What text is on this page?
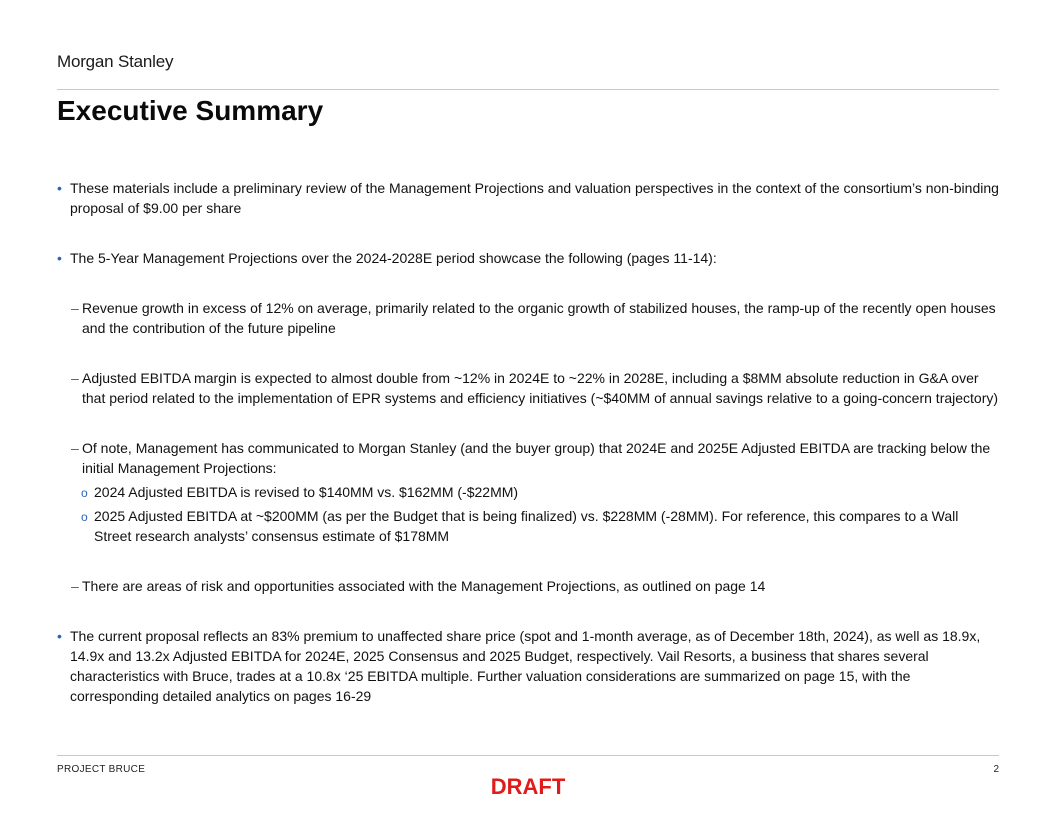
Morgan Stanley
Executive Summary
• These materials include a preliminary review of the Management Projections and valuation perspectives in the context of the consortium’s non-binding proposal of $9.00 per share
• The 5-Year Management Projections over the 2024-2028E period showcase the following (pages 11-14):
– Revenue growth in excess of 12% on average, primarily related to the organic growth of stabilized houses, the ramp-up of the recently open houses and the contribution of the future pipeline
– Adjusted EBITDA margin is expected to almost double from ~12% in 2024E to ~22% in 2028E, including a $8MM absolute reduction in G&A over that period related to the implementation of EPR systems and efficiency initiatives (~$40MM of annual savings relative to a going-concern trajectory)
– Of note, Management has communicated to Morgan Stanley (and the buyer group) that 2024E and 2025E Adjusted EBITDA are tracking below the initial Management Projections:
o 2024 Adjusted EBITDA is revised to $140MM vs. $162MM (-$22MM)
o 2025 Adjusted EBITDA at ~$200MM (as per the Budget that is being finalized) vs. $228MM (-28MM). For reference, this compares to a Wall Street research analysts’ consensus estimate of $178MM
– There are areas of risk and opportunities associated with the Management Projections, as outlined on page 14
• The current proposal reflects an 83% premium to unaffected share price (spot and 1-month average, as of December 18th, 2024), as well as 18.9x, 14.9x and 13.2x Adjusted EBITDA for 2024E, 2025 Consensus and 2025 Budget, respectively. Vail Resorts, a business that shares several characteristics with Bruce, trades at a 10.8x ‘25 EBITDA multiple. Further valuation considerations are summarized on page 15, with the corresponding detailed analytics on pages 16-29
PROJECT BRUCE	2
DRAFT
